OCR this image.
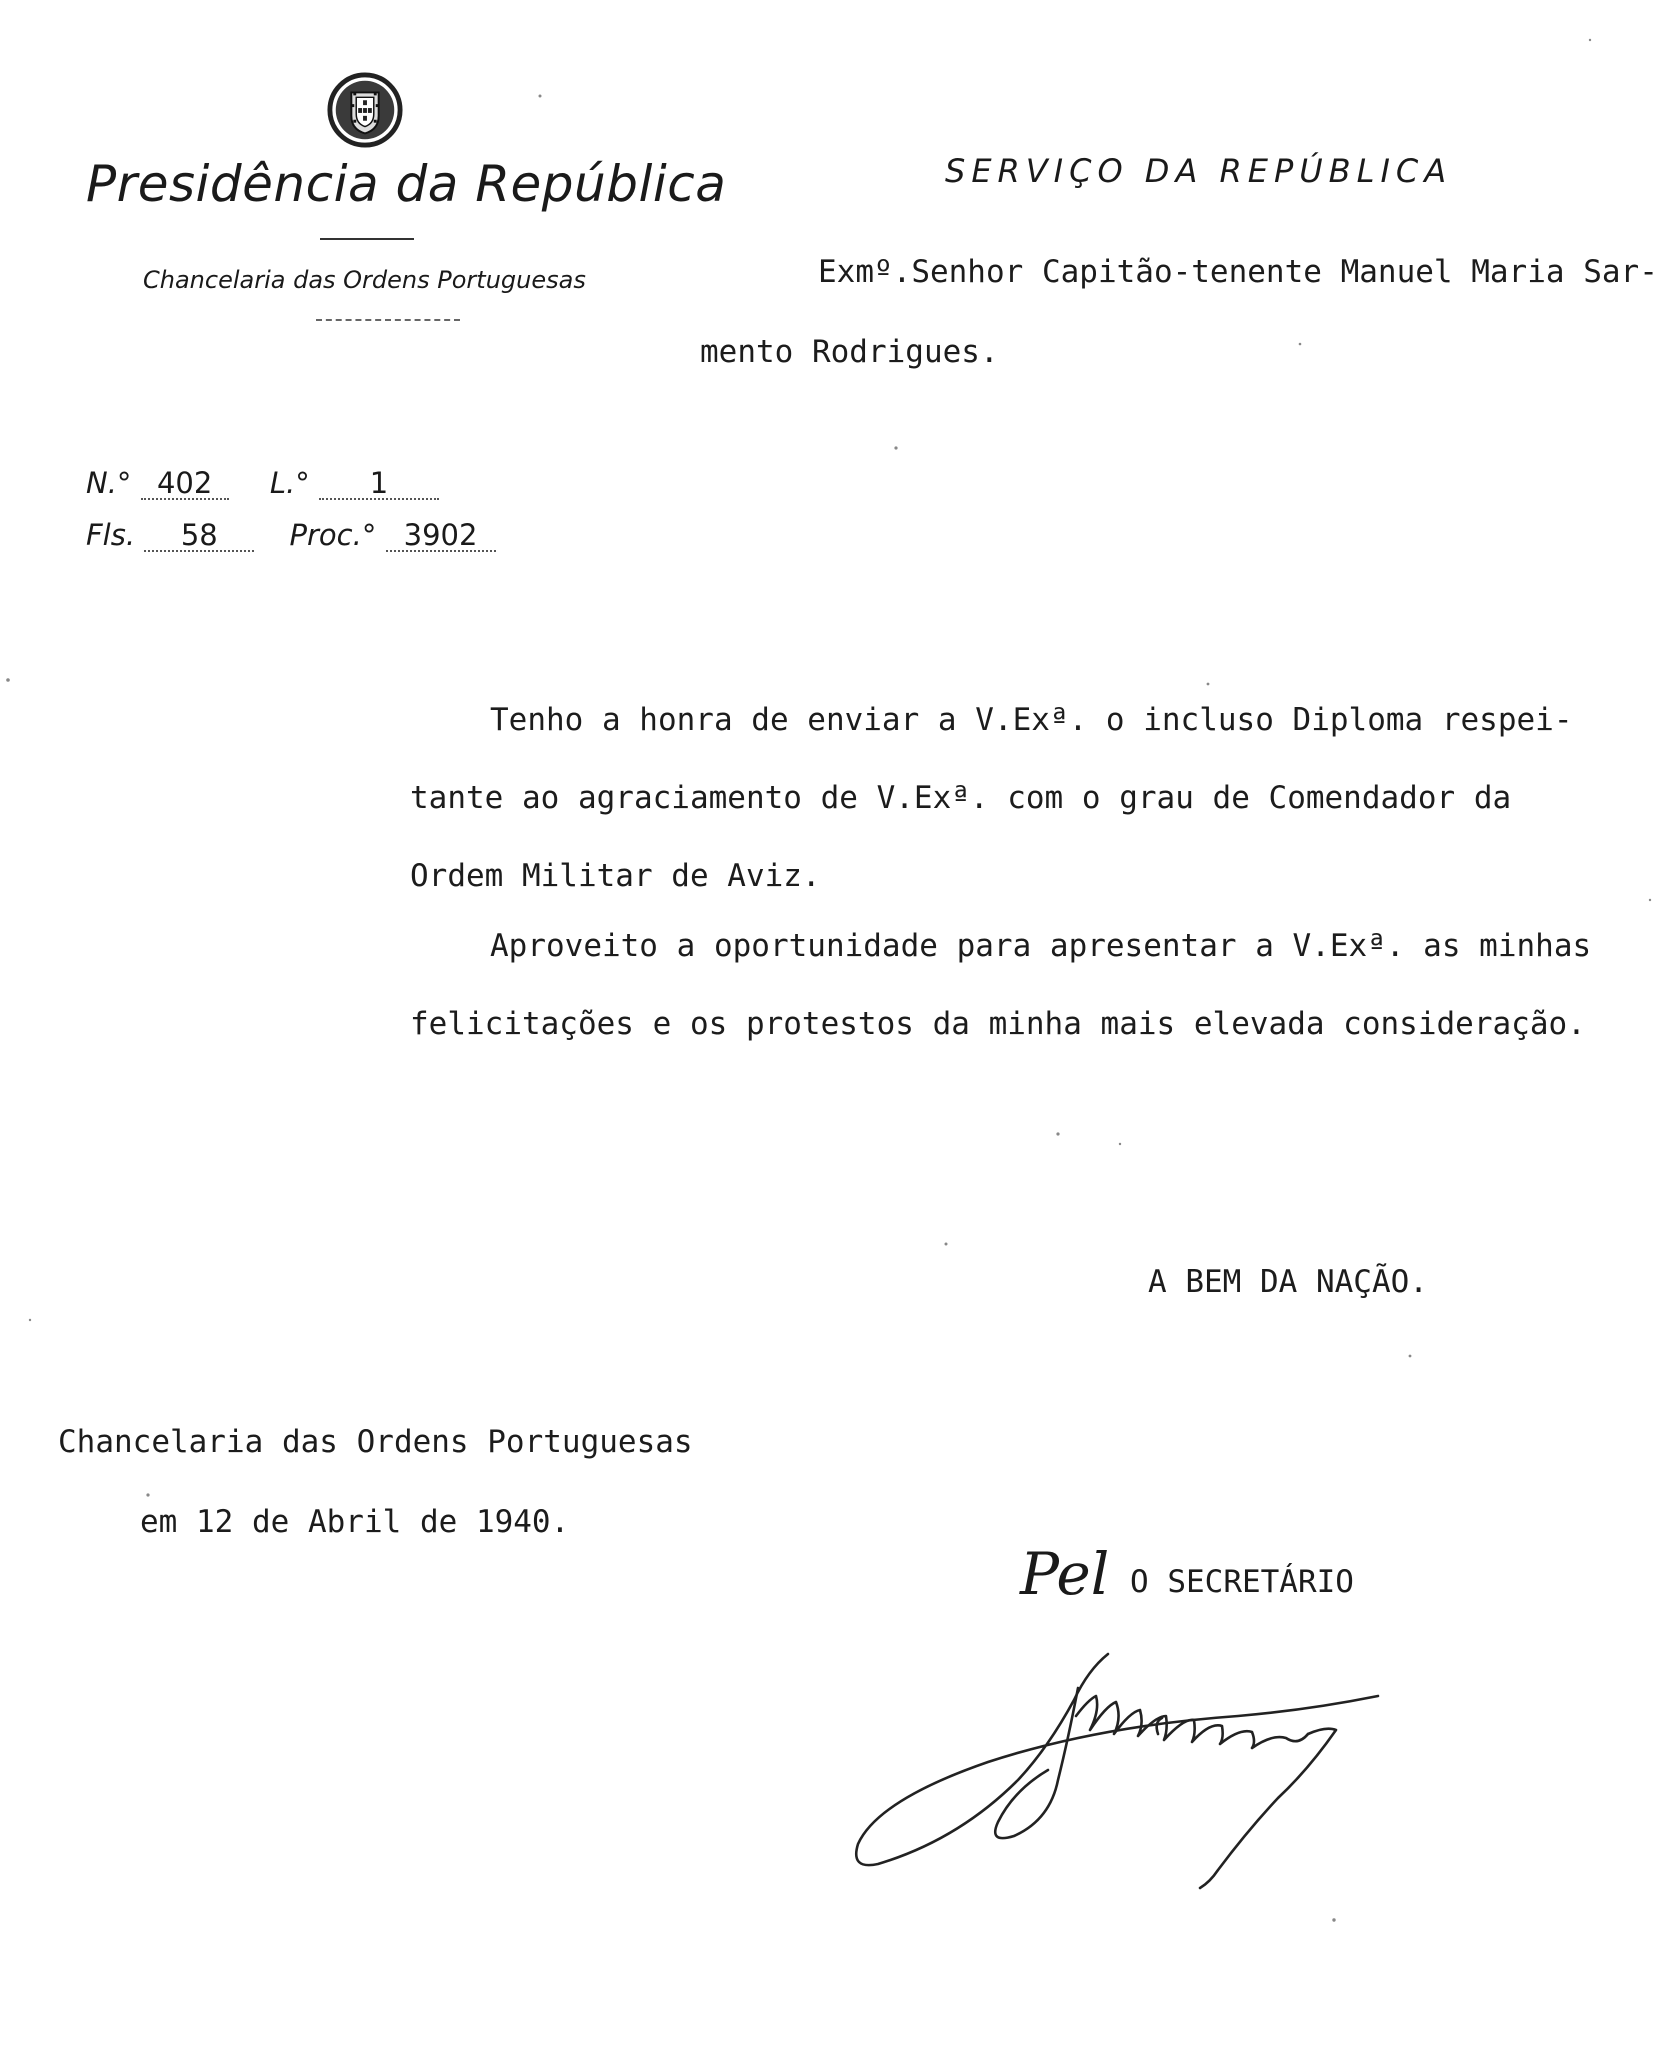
Presidência da República
Chancelaria das Ordens Portuguesas
SERVIÇO DA REPÚBLICA
Exmº.Senhor Capitão-tenente Manuel Maria Sar-
mento Rodrigues.
N.° 402 L.° 1
Fls. 58 Proc.° 3902
Tenho a honra de enviar a V.Exª. o incluso Diploma respei-
tante ao agraciamento de V.Exª. com o grau de Comendador da
Ordem Militar de Aviz.
Aproveito a oportunidade para apresentar a V.Exª. as minhas
felicitações e os protestos da minha mais elevada consideração.
A BEM DA NAÇÃO.
Chancelaria das Ordens Portuguesas
em 12 de Abril de 1940.
Pel O SECRETÁRIO
